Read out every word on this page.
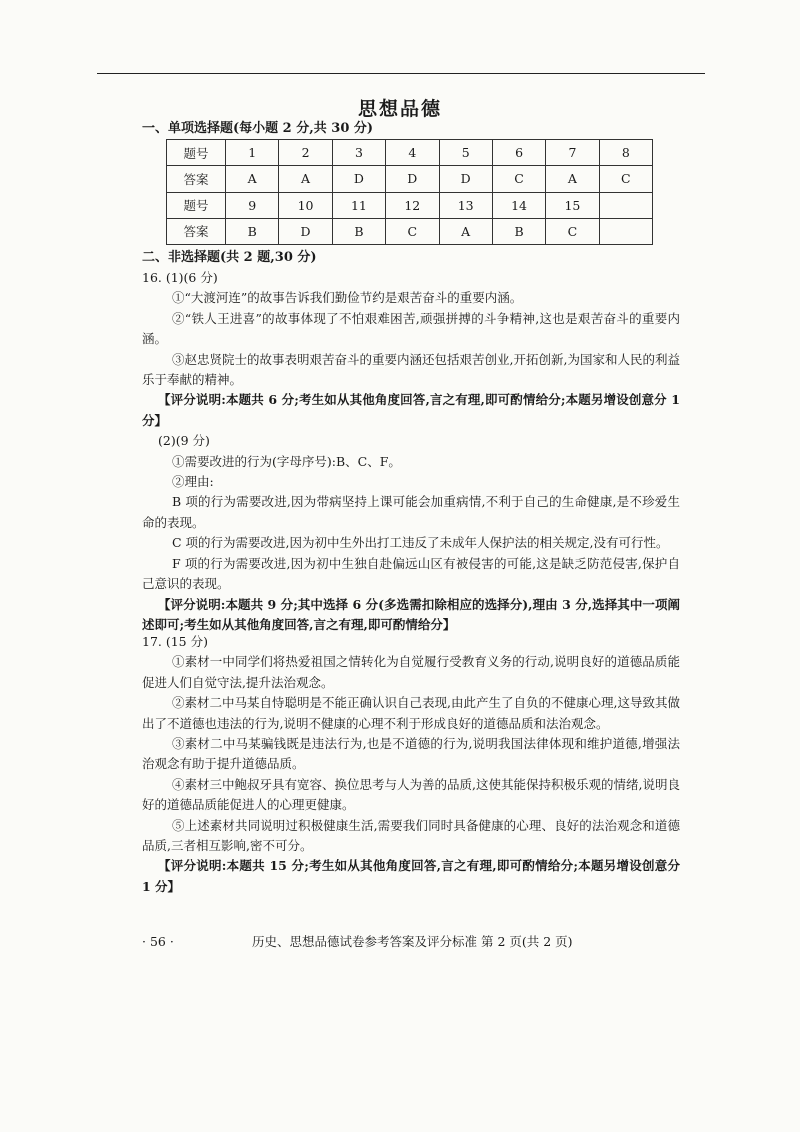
思想品德
一、单项选择题(每小题 2 分,共 30 分)
题号	1	2	3	4	5	6	7	8
答案	A	A	D	D	D	C	A	C
题号	9	10	11	12	13	14	15	
答案	B	D	B	C	A	B	C	
二、非选择题(共 2 题,30 分)

16. (1)(6 分)

①“大渡河连”的故事告诉我们勤俭节约是艰苦奋斗的重要内涵。

②“铁人王进喜”的故事体现了不怕艰难困苦,顽强拼搏的斗争精神,这也是艰苦奋斗的重要内涵。

③赵忠贤院士的故事表明艰苦奋斗的重要内涵还包括艰苦创业,开拓创新,为国家和人民的利益乐于奉献的精神。

【评分说明:本题共 6 分;考生如从其他角度回答,言之有理,即可酌情给分;本题另增设创意分 1 分】

(2)(9 分)

①需要改进的行为(字母序号):B、C、F。

②理由:

B 项的行为需要改进,因为带病坚持上课可能会加重病情,不利于自己的生命健康,是不珍爱生命的表现。

C 项的行为需要改进,因为初中生外出打工违反了未成年人保护法的相关规定,没有可行性。

F 项的行为需要改进,因为初中生独自赴偏远山区有被侵害的可能,这是缺乏防范侵害,保护自己意识的表现。

【评分说明:本题共 9 分;其中选择 6 分(多选需扣除相应的选择分),理由 3 分,选择其中一项阐述即可;考生如从其他角度回答,言之有理,即可酌情给分】

17. (15 分)

①素材一中同学们将热爱祖国之情转化为自觉履行受教育义务的行动,说明良好的道德品质能促进人们自觉守法,提升法治观念。

②素材二中马某自恃聪明是不能正确认识自己表现,由此产生了自负的不健康心理,这导致其做出了不道德也违法的行为,说明不健康的心理不利于形成良好的道德品质和法治观念。

③素材二中马某骗钱既是违法行为,也是不道德的行为,说明我国法律体现和维护道德,增强法治观念有助于提升道德品质。

④素材三中鲍叔牙具有宽容、换位思考与人为善的品质,这使其能保持积极乐观的情绪,说明良好的道德品质能促进人的心理更健康。

⑤上述素材共同说明过积极健康生活,需要我们同时具备健康的心理、良好的法治观念和道德品质,三者相互影响,密不可分。

【评分说明:本题共 15 分;考生如从其他角度回答,言之有理,即可酌情给分;本题另增设创意分 1 分】

· 56 ·	历史、思想品德试卷参考答案及评分标准 第 2 页(共 2 页)
